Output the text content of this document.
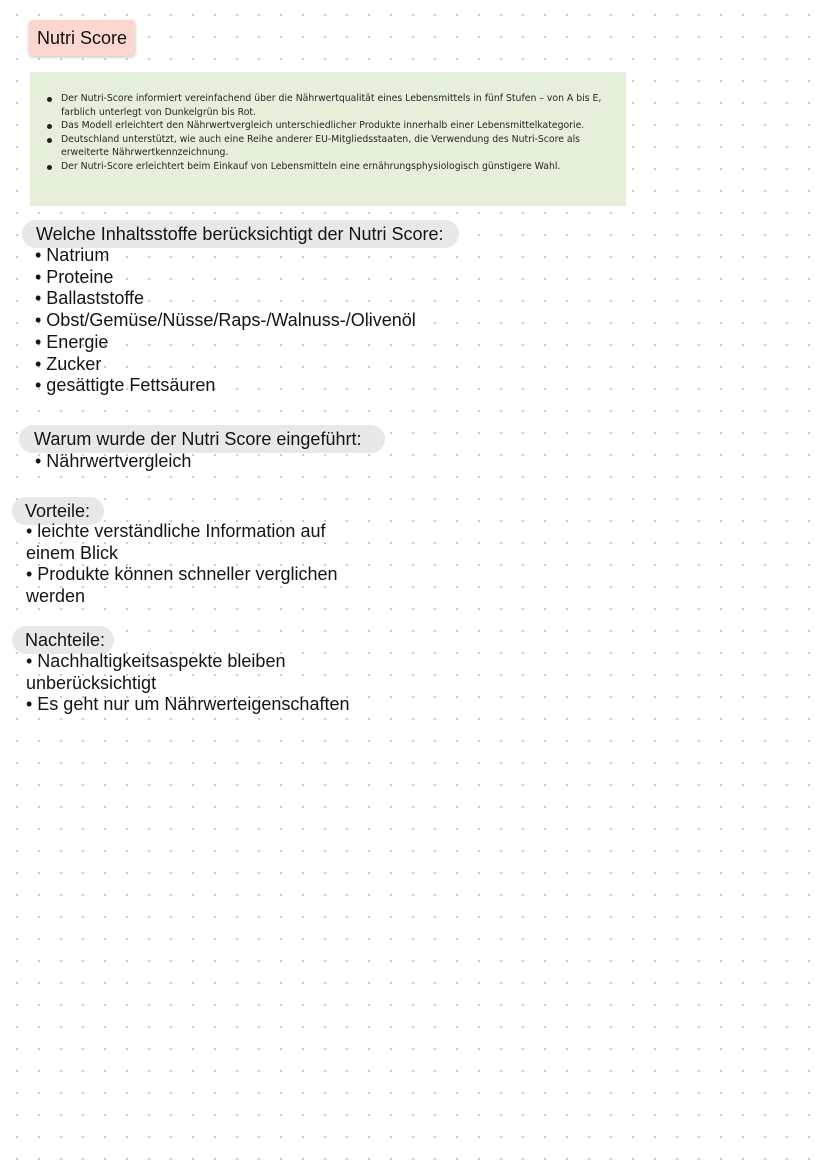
Nutri Score
Der Nutri-Score informiert vereinfachend über die Nährwertqualität eines Lebensmittels in fünf Stufen – von A bis E, farblich unterlegt von Dunkelgrün bis Rot.
Das Modell erleichtert den Nährwertvergleich unterschiedlicher Produkte innerhalb einer Lebensmittelkategorie.
Deutschland unterstützt, wie auch eine Reihe anderer EU-Mitgliedsstaaten, die Verwendung des Nutri-Score als erweiterte Nährwertkennzeichnung.
Der Nutri-Score erleichtert beim Einkauf von Lebensmitteln eine ernährungsphysiologisch günstigere Wahl.
Welche Inhaltsstoffe berücksichtigt der Nutri Score:
• Natrium
• Proteine
• Ballaststoffe
• Obst/Gemüse/Nüsse/Raps-/Walnuss-/Olivenöl
• Energie
• Zucker
• gesättigte Fettsäuren
Warum wurde der Nutri Score eingeführt:
• Nährwertvergleich
Vorteile:
• leichte verständliche Information auf
einem Blick
• Produkte können schneller verglichen
werden
Nachteile:
• Nachhaltigkeitsaspekte bleiben
unberücksichtigt
• Es geht nur um Nährwerteigenschaften
